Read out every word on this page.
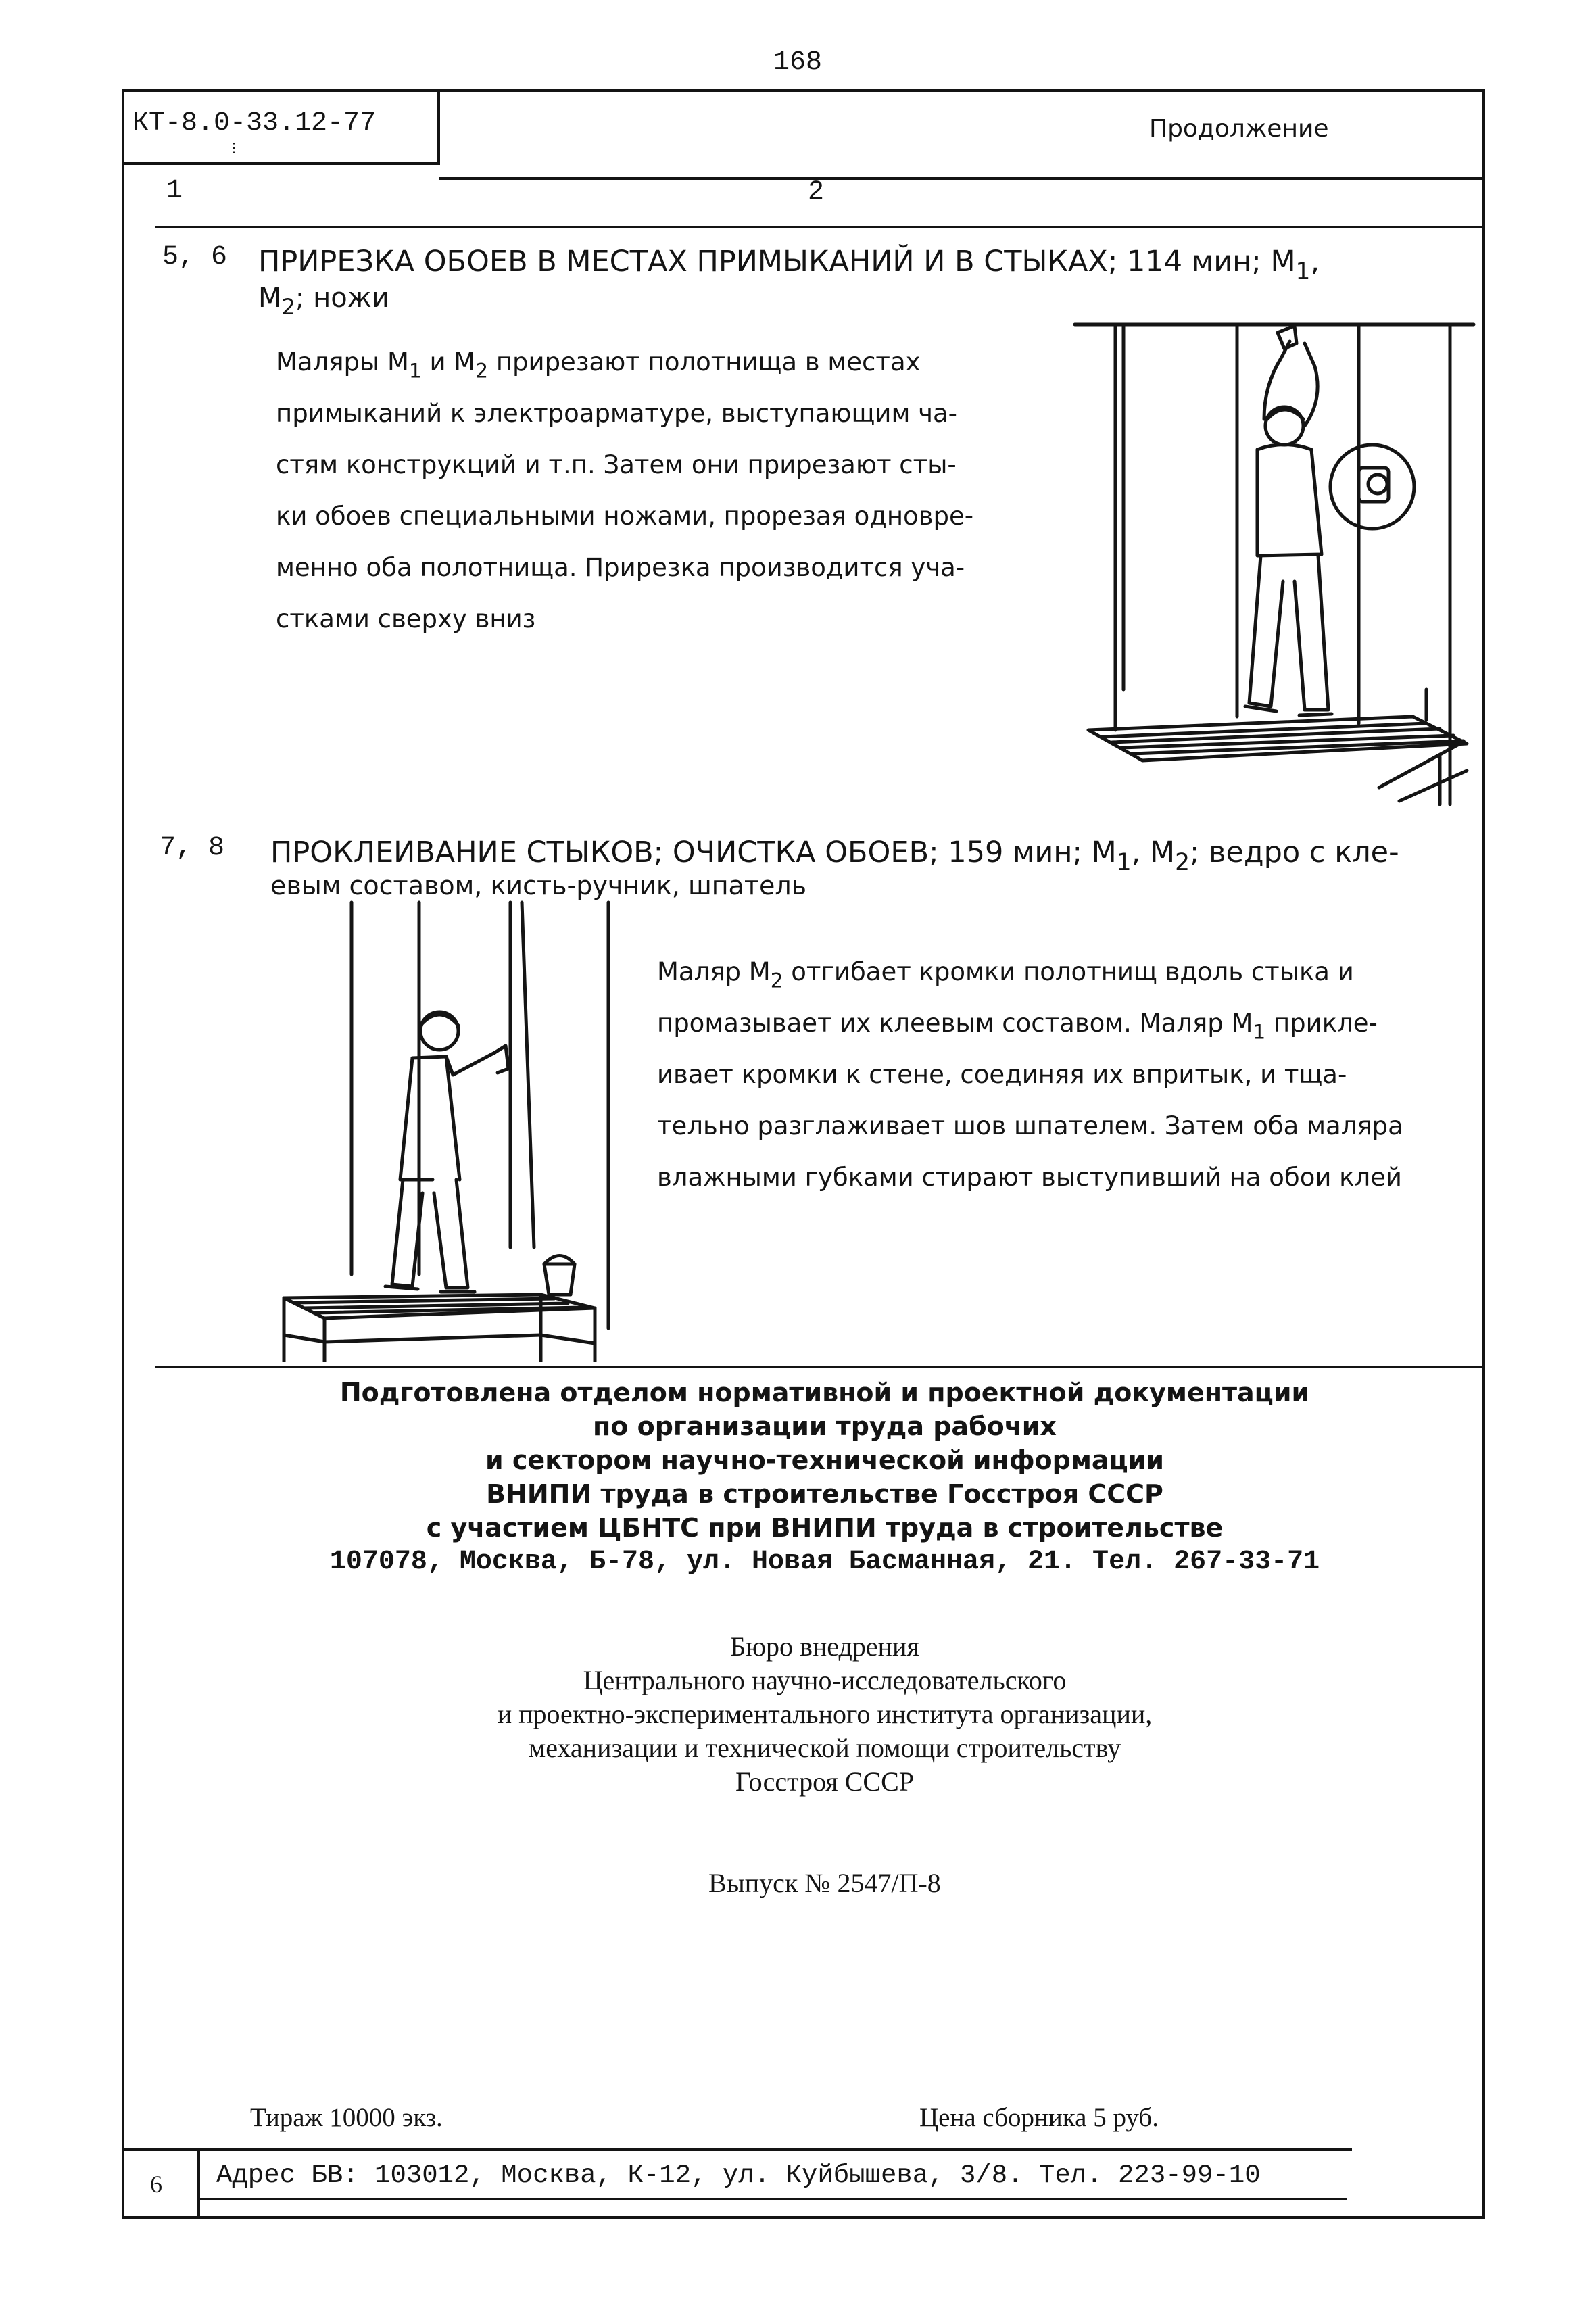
168
КТ-8.0-33.12-77
⋮
Продолжение
1	2
5, 6 ПРИРЕЗКА ОБОЕВ В МЕСТАХ ПРИМЫКАНИЙ И В СТЫКАХ; 114 мин; $М_1$,
$М_2$; ножи
Маляры $М_1$ и $М_2$ прирезают полотнища в местах
примыканий к электроарматуре, выступающим ча-
стям конструкций и т.п. Затем они прирезают сты-
ки обоев специальными ножами, прорезая одновре-
менно оба полотнища. Прирезка производится уча-
стками сверху вниз
7, 8 ПРОКЛЕИВАНИЕ СТЫКОВ; ОЧИСТКА ОБОЕВ; 159 мин; $М_1$, $М_2$; ведро с кле-
евым составом, кисть-ручник, шпатель
Маляр $М_2$ отгибает кромки полотнищ вдоль стыка и
промазывает их клеевым составом. Маляр $М_1$ прикле-
ивает кромки к стене, соединяя их впритык, и тща-
тельно разглаживает шов шпателем. Затем оба маляра
влажными губками стирают выступивший на обои клей
Подготовлена отделом нормативной и проектной документации
по организации труда рабочих
и сектором научно-технической информации
ВНИПИ труда в строительстве Госстроя СССР
с участием ЦБНТС при ВНИПИ труда в строительстве
107078, Москва, Б-78, ул. Новая Басманная, 21. Тел. 267-33-71
Бюро внедрения
Центрального научно-исследовательского
и проектно-экспериментального института организации,
механизации и технической помощи строительству
Госстроя СССР
Выпуск № 2547/П-8
Тираж 10000 экз.	Цена сборника 5 руб.
6 Адрес БВ: 103012, Москва, К-12, ул. Куйбышева, 3/8. Тел. 223-99-10
